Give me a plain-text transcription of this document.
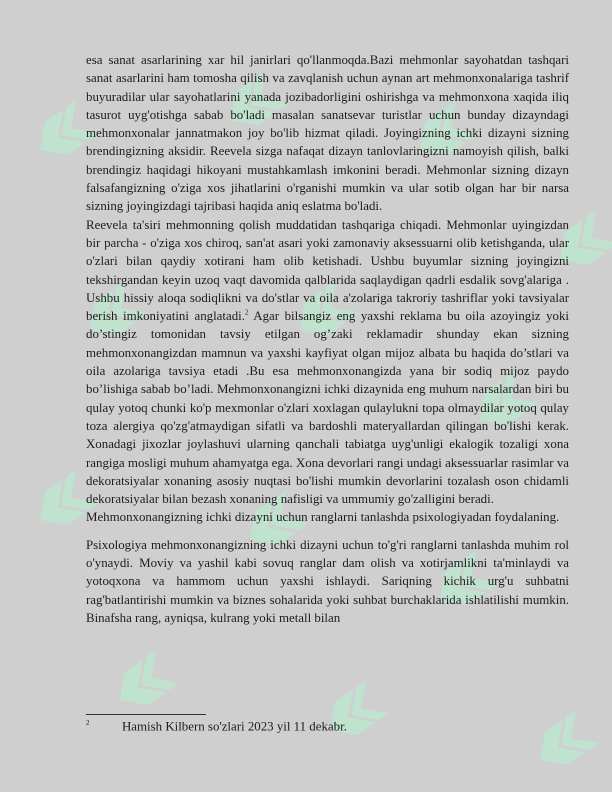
esa sanat asarlarining xar hil janirlari qo'llanmoqda.Bazi mehmonlar sayohatdan tashqari sanat asarlarini ham tomosha qilish va zavqlanish uchun aynan art mehmonxonalariga tashrif buyuradilar ular sayohatlarini yanada jozibadorligini oshirishga va mehmonxona xaqida iliq tasurot uyg'otishga sabab bo'ladi masalan sanatsevar turistlar uchun bunday dizayndagi mehmonxonalar jannatmakon joy bo'lib hizmat qiladi. Joyingizning ichki dizayni sizning brendingizning aksidir. Reevela sizga nafaqat dizayn tanlovlaringizni namoyish qilish, balki brendingiz haqidagi hikoyani mustahkamlash imkonini beradi. Mehmonlar sizning dizayn falsafangizning o'ziga xos jihatlarini o'rganishi mumkin va ular sotib olgan har bir narsa sizning joyingizdagi tajribasi haqida aniq eslatma bo'ladi.

Reevela ta'siri mehmonning qolish muddatidan tashqariga chiqadi. Mehmonlar uyingizdan bir parcha - o'ziga xos chiroq, san'at asari yoki zamonaviy aksessuarni olib ketishganda, ular o'zlari bilan qaydiy xotirani ham olib ketishadi. Ushbu buyumlar sizning joyingizni tekshirgandan keyin uzoq vaqt davomida qalblarida saqlaydigan qadrli esdalik sovg'alariga . Ushbu hissiy aloqa sodiqlikni va do'stlar va oila a'zolariga takroriy tashriflar yoki tavsiyalar berish imkoniyatini anglatadi.$^2$ Agar bilsangiz eng yaxshi reklama bu oila azoyingiz yoki do’stingiz tomonidan tavsiy etilgan og’zaki reklamadir shunday ekan sizning mehmonxonangizdan mamnun va yaxshi kayfiyat olgan mijoz albata bu haqida do’stlari va oila azolariga tavsiya etadi .Bu esa mehmonxonangizda yana bir sodiq mijoz paydo bo’lishiga sabab bo’ladi. Mehmonxonangizni ichki dizaynida eng muhum narsalardan biri bu qulay yotoq chunki ko'p mexmonlar o'zlari xoxlagan qulaylukni topa olmaydilar yotoq qulay toza alergiya qo'zg'atmaydigan sifatli va bardoshli materyallardan qilingan bo'lishi kerak. Xonadagi jixozlar joylashuvi ularning qanchali tabiatga uyg'unligi ekalogik tozaligi xona rangiga mosligi muhum ahamyatga ega. Xona devorlari rangi undagi aksessuarlar rasimlar va dekoratsiyalar xonaning asosiy nuqtasi bo'lishi mumkin devorlarini tozalash oson chidamli dekoratsiyalar bilan bezash xonaning nafisligi va ummumiy go'zalligini beradi.

Mehmonxonangizning ichki dizayni uchun ranglarni tanlashda psixologiyadan foydalaning.

Psixologiya mehmonxonangizning ichki dizayni uchun to'g'ri ranglarni tanlashda muhim rol o'ynaydi. Moviy va yashil kabi sovuq ranglar dam olish va xotirjamlikni ta'minlaydi va yotoqxona va hammom uchun yaxshi ishlaydi. Sariqning kichik urg'u suhbatni rag'batlantirishi mumkin va biznes sohalarida yoki suhbat burchaklarida ishlatilishi mumkin. Binafsha rang, ayniqsa, kulrang yoki metall bilan

2	Hamish Kilbern so'zlari 2023 yil 11 dekabr.
